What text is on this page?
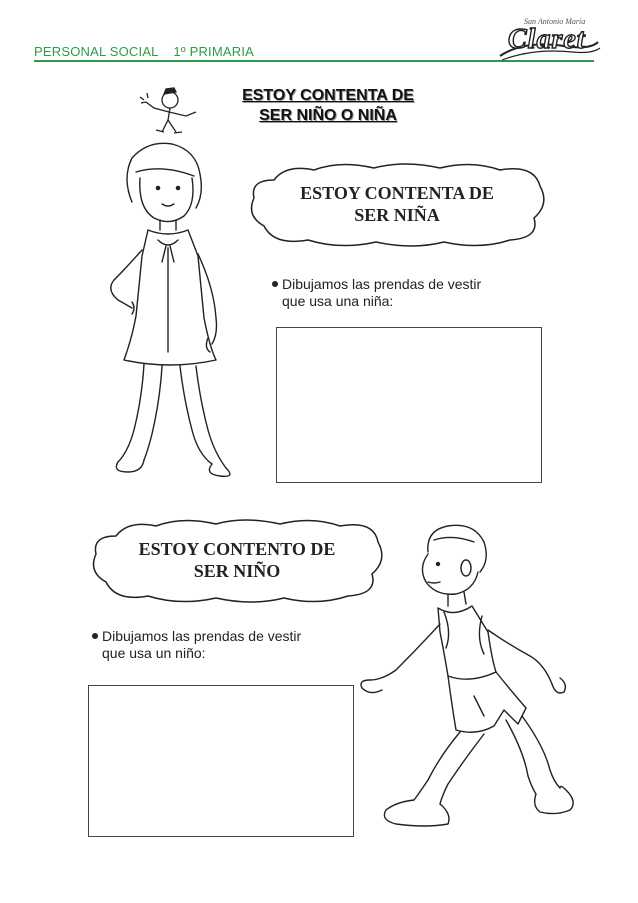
PERSONAL SOCIAL 1º PRIMARIA
San Antonio María
Claret
ESTOY CONTENTA DE
SER NIÑO O NIÑA
ESTOY CONTENTA DE
SER NIÑA
Dibujamos las prendas de vestir
que usa una niña:
ESTOY CONTENTO DE
SER NIÑO
Dibujamos las prendas de vestir
que usa un niño:
